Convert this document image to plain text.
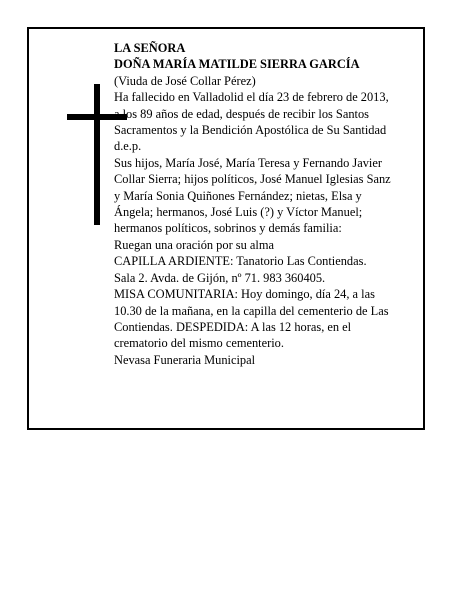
LA SEÑORA
DOÑA MARÍA MATILDE SIERRA GARCÍA
(Viuda de José Collar Pérez)
Ha fallecido en Valladolid el día 23 de febrero de 2013,
a los 89 años de edad, después de recibir los Santos
Sacramentos y la Bendición Apostólica de Su Santidad
d.e.p.
Sus hijos, María José, María Teresa y Fernando Javier
Collar Sierra; hijos políticos, José Manuel Iglesias Sanz
y María Sonia Quiñones Fernández; nietas, Elsa y
Ángela; hermanos, José Luis (?) y Víctor Manuel;
hermanos políticos, sobrinos y demás familia:
Ruegan una oración por su alma
CAPILLA ARDIENTE: Tanatorio Las Contiendas.
Sala 2. Avda. de Gijón, nº 71. 983 360405.
MISA COMUNITARIA: Hoy domingo, día 24, a las
10.30 de la mañana, en la capilla del cementerio de Las
Contiendas. DESPEDIDA: A las 12 horas, en el
crematorio del mismo cementerio.
Nevasa Funeraria Municipal
